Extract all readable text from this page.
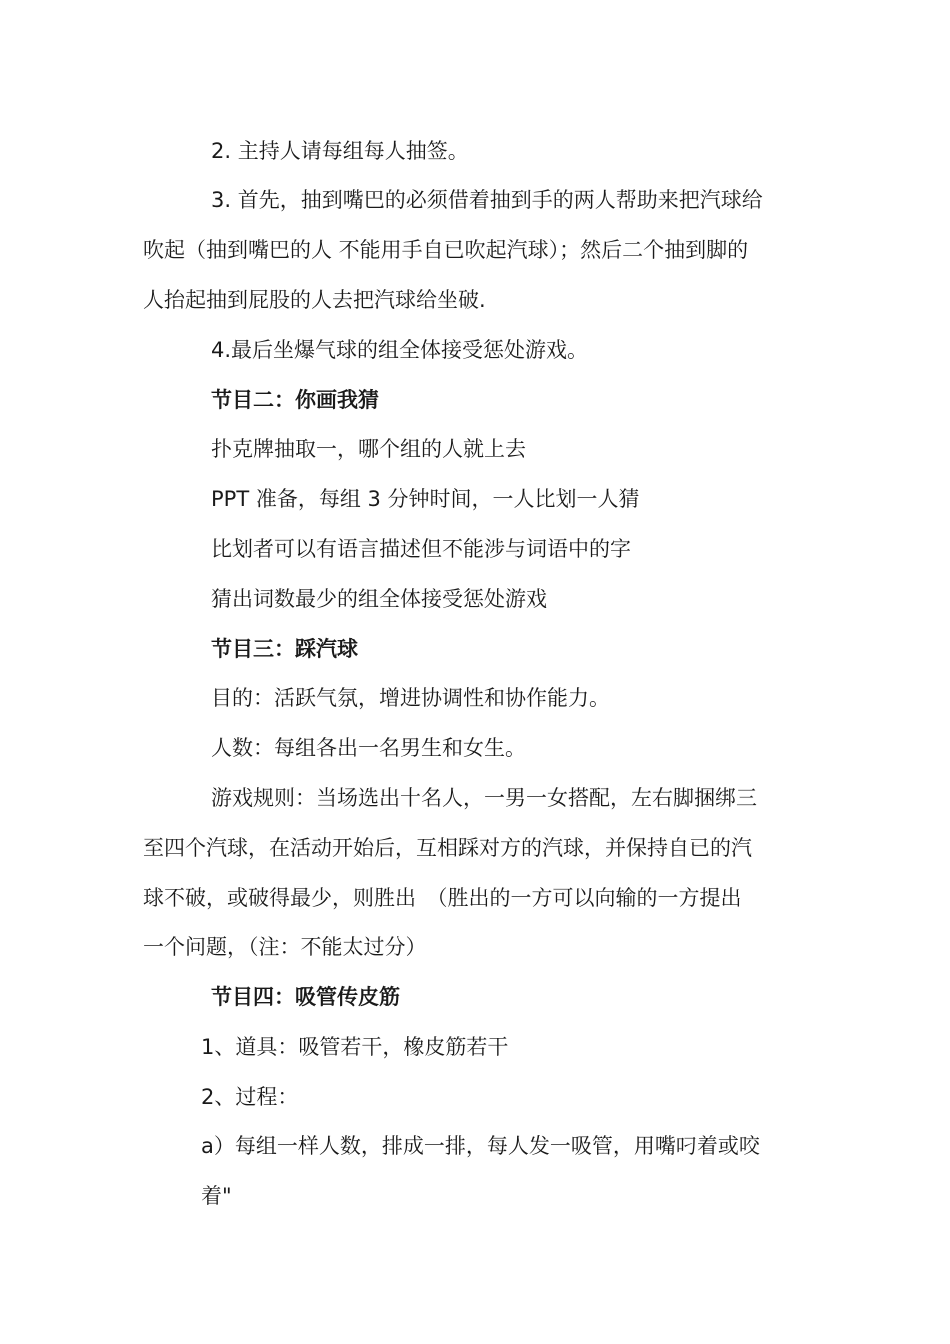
2. 主持人请每组每人抽签。
3. 首先，抽到嘴巴的必须借着抽到手的两人帮助来把汽球给
吹起（抽到嘴巴的人 不能用手自已吹起汽球）；然后二个抽到脚的
人抬起抽到屁股的人去把汽球给坐破.
4.最后坐爆气球的组全体接受惩处游戏。
节目二：你画我猜
扑克牌抽取一，哪个组的人就上去
PPT 准备，每组 3 分钟时间，一人比划一人猜
比划者可以有语言描述但不能涉与词语中的字
猜出词数最少的组全体接受惩处游戏
节目三：踩汽球
目的：活跃气氛，增进协调性和协作能力。
人数：每组各出一名男生和女生。
游戏规则：当场选出十名人，一男一女搭配，左右脚捆绑三
至四个汽球，在活动开始后，互相踩对方的汽球，并保持自已的汽
球不破，或破得最少，则胜出　（胜出的一方可以向输的一方提出
一个问题，（注：不能太过分）
节目四：吸管传皮筋
1、道具：吸管若干，橡皮筋若干
2、过程：
a）每组一样人数，排成一排，每人发一吸管，用嘴叼着或咬
着"
